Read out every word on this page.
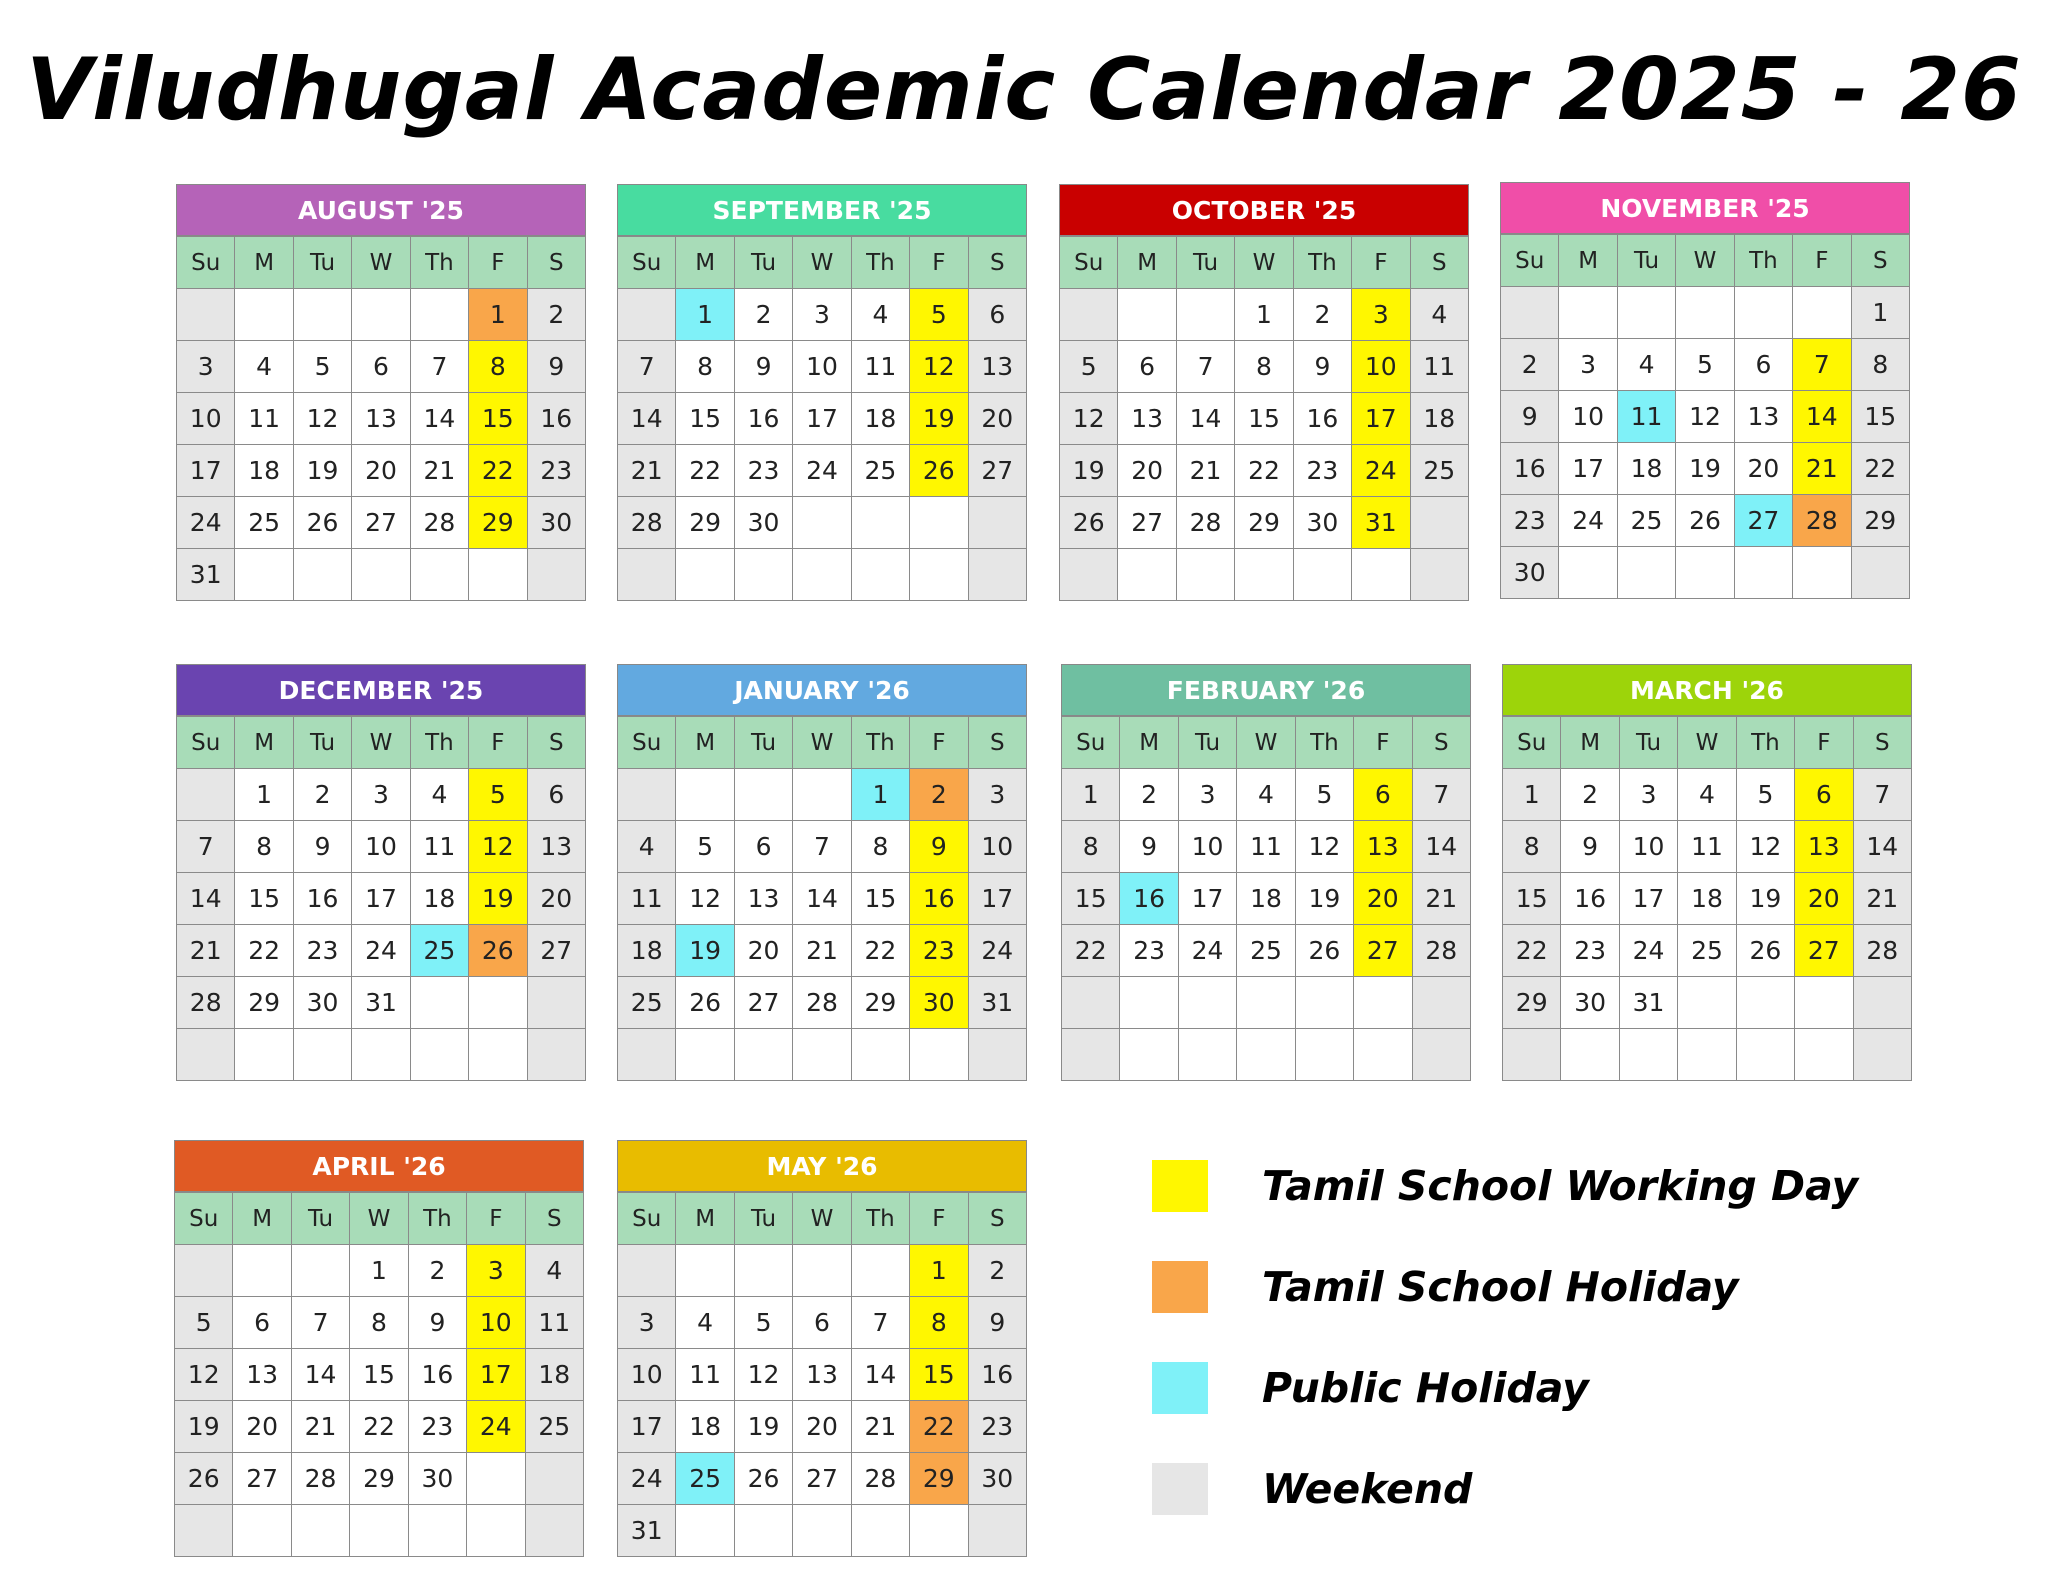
Viludhugal Academic Calendar 2025 - 26
AUGUST '25
Su	M	Tu	W	Th	F	S
					1	2
3	4	5	6	7	8	9
10	11	12	13	14	15	16
17	18	19	20	21	22	23
24	25	26	27	28	29	30
31						
SEPTEMBER '25
Su	M	Tu	W	Th	F	S
	1	2	3	4	5	6
7	8	9	10	11	12	13
14	15	16	17	18	19	20
21	22	23	24	25	26	27
28	29	30				

OCTOBER '25
Su	M	Tu	W	Th	F	S
			1	2	3	4
5	6	7	8	9	10	11
12	13	14	15	16	17	18
19	20	21	22	23	24	25
26	27	28	29	30	31	

NOVEMBER '25
Su	M	Tu	W	Th	F	S
						1
2	3	4	5	6	7	8
9	10	11	12	13	14	15
16	17	18	19	20	21	22
23	24	25	26	27	28	29
30						
DECEMBER '25
Su	M	Tu	W	Th	F	S
	1	2	3	4	5	6
7	8	9	10	11	12	13
14	15	16	17	18	19	20
21	22	23	24	25	26	27
28	29	30	31			

JANUARY '26
Su	M	Tu	W	Th	F	S
				1	2	3
4	5	6	7	8	9	10
11	12	13	14	15	16	17
18	19	20	21	22	23	24
25	26	27	28	29	30	31

FEBRUARY '26
Su	M	Tu	W	Th	F	S
1	2	3	4	5	6	7
8	9	10	11	12	13	14
15	16	17	18	19	20	21
22	23	24	25	26	27	28

MARCH '26
Su	M	Tu	W	Th	F	S
1	2	3	4	5	6	7
8	9	10	11	12	13	14
15	16	17	18	19	20	21
22	23	24	25	26	27	28
29	30	31				

APRIL '26
Su	M	Tu	W	Th	F	S
			1	2	3	4
5	6	7	8	9	10	11
12	13	14	15	16	17	18
19	20	21	22	23	24	25
26	27	28	29	30		

MAY '26
Su	M	Tu	W	Th	F	S
					1	2
3	4	5	6	7	8	9
10	11	12	13	14	15	16
17	18	19	20	21	22	23
24	25	26	27	28	29	30
31						
Tamil School Working Day
Tamil School Holiday
Public Holiday
Weekend
